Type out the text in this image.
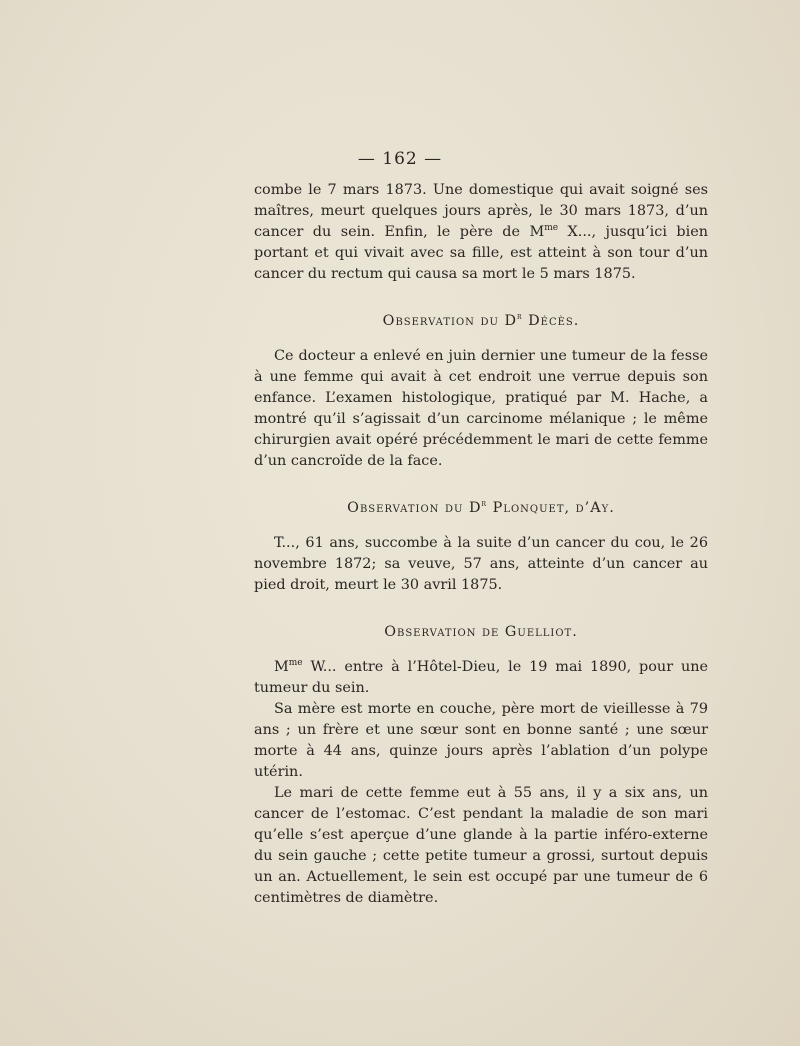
— 162 —

combe le 7 mars 1873. Une domestique qui avait soigné ses maîtres, meurt quelques jours après, le 30 mars 1873, d’un cancer du sein. Enfin, le père de $M^{me}$ X..., jusqu’ici bien portant et qui vivait avec sa fille, est atteint à son tour d’un cancer du rectum qui causa sa mort le 5 mars 1875.

Observation du $D^r$ Décès.

Ce docteur a enlevé en juin dernier une tumeur de la fesse à une femme qui avait à cet endroit une verrue depuis son enfance. L’examen histologique, pratiqué par M. Hache, a montré qu’il s’agissait d’un carcinome mélanique ; le même chirurgien avait opéré précédemment le mari de cette femme d’un cancroïde de la face.

Observation du $D^r$ Plonquet, d’Ay.

T..., 61 ans, succombe à la suite d’un cancer du cou, le 26 novembre 1872; sa veuve, 57 ans, atteinte d’un cancer au pied droit, meurt le 30 avril 1875.

Observation de Guelliot.

$M^{me}$ W... entre à l’Hôtel-Dieu, le 19 mai 1890, pour une tumeur du sein.

Sa mère est morte en couche, père mort de vieillesse à 79 ans ; un frère et une sœur sont en bonne santé ; une sœur morte à 44 ans, quinze jours après l’ablation d’un polype utérin.

Le mari de cette femme eut à 55 ans, il y a six ans, un cancer de l’estomac. C’est pendant la maladie de son mari qu’elle s’est aperçue d’une glande à la partie inféro-externe du sein gauche ; cette petite tumeur a grossi, surtout depuis un an. Actuellement, le sein est occupé par une tumeur de 6 centimètres de diamètre.
